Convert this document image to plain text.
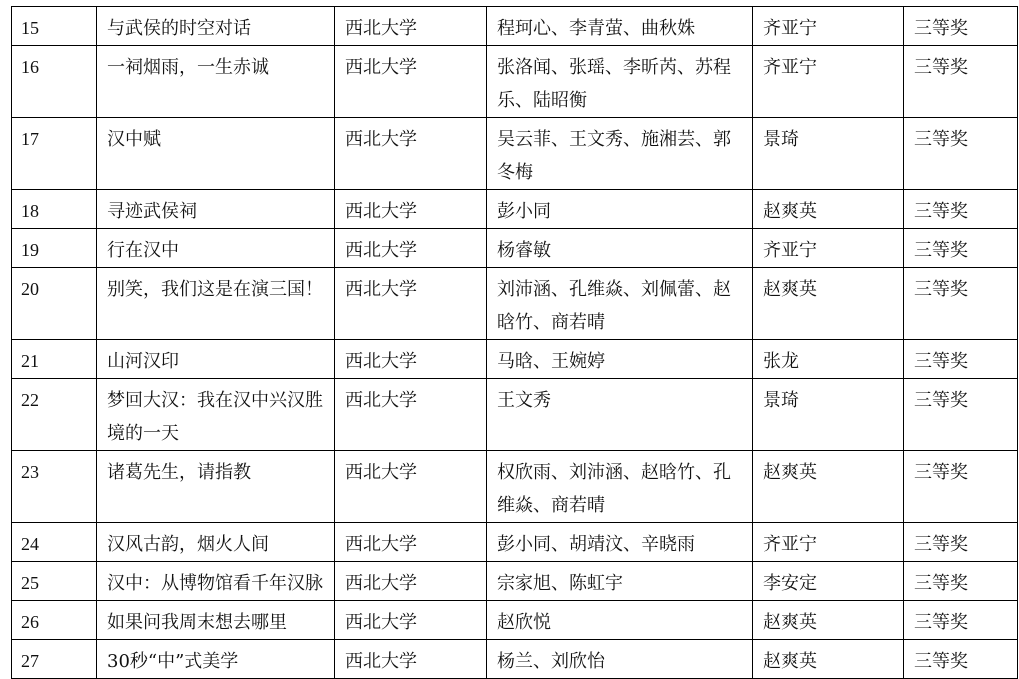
15	与武侯的时空对话	西北大学	程珂心、李青萤、曲秋姝	齐亚宁	三等奖
16	一祠烟雨，一生赤诚	西北大学	张洛闻、张瑶、李昕芮、苏程乐、陆昭衡	齐亚宁	三等奖
17	汉中赋	西北大学	吴云菲、王文秀、施湘芸、郭冬梅	景琦	三等奖
18	寻迹武侯祠	西北大学	彭小同	赵爽英	三等奖
19	行在汉中	西北大学	杨睿敏	齐亚宁	三等奖
20	别笑，我们这是在演三国！	西北大学	刘沛涵、孔维焱、刘佩蕾、赵晗竹、商若晴	赵爽英	三等奖
21	山河汉印	西北大学	马晗、王婉婷	张龙	三等奖
22	梦回大汉：我在汉中兴汉胜境的一天	西北大学	王文秀	景琦	三等奖
23	诸葛先生，请指教	西北大学	权欣雨、刘沛涵、赵晗竹、孔维焱、商若晴	赵爽英	三等奖
24	汉风古韵，烟火人间	西北大学	彭小同、胡靖汶、辛晓雨	齐亚宁	三等奖
25	汉中：从博物馆看千年汉脉	西北大学	宗家旭、陈虹宇	李安定	三等奖
26	如果问我周末想去哪里	西北大学	赵欣悦	赵爽英	三等奖
27	30秒“中”式美学	西北大学	杨兰、刘欣怡	赵爽英	三等奖
